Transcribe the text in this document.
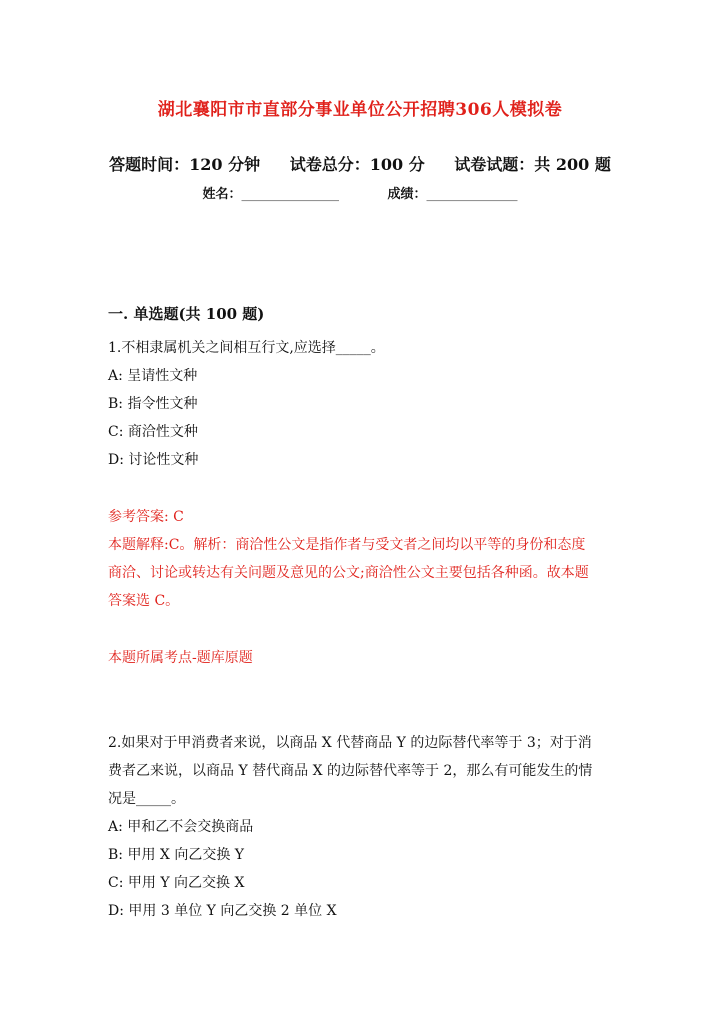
湖北襄阳市市直部分事业单位公开招聘306人模拟卷
答题时间：120 分钟 试卷总分：100 分 试卷试题：共 200 题
姓名：_______________	成绩：______________
一. 单选题(共 100 题)
1.不相隶属机关之间相互行文,应选择_____。
A: 呈请性文种
B: 指令性文种
C: 商洽性文种
D: 讨论性文种
参考答案: C
本题解释:C。解析：商洽性公文是指作者与受文者之间均以平等的身份和态度
商洽、讨论或转达有关问题及意见的公文;商洽性公文主要包括各种函。故本题
答案选 C。
本题所属考点-题库原题
2.如果对于甲消费者来说，以商品 X 代替商品 Y 的边际替代率等于 3；对于消
费者乙来说，以商品 Y 替代商品 X 的边际替代率等于 2，那么有可能发生的情
况是_____。
A: 甲和乙不会交换商品
B: 甲用 X 向乙交换 Y
C: 甲用 Y 向乙交换 X
D: 甲用 3 单位 Y 向乙交换 2 单位 X
